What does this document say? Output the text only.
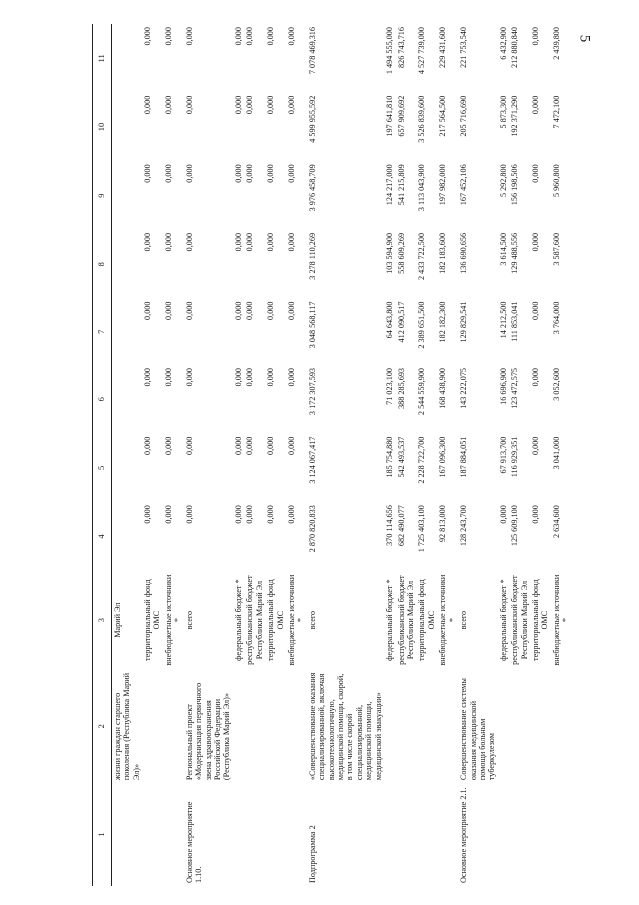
5
1	2	3	4	5	6	7	8	9	10	11
	жизни граждан старшего поколения (Республика Марий Эл)»	Марий Эл								
		территориальный фонд ОМС	0,000	0,000	0,000	0,000	0,000	0,000	0,000	0,000
		внебюджетные источники *	0,000	0,000	0,000	0,000	0,000	0,000	0,000	0,000
Основное мероприятие 1.10.	Региональный проект «Модернизация первичного звена здравоохранения Российской Федерации (Республика Марий Эл)»	всего	0,000	0,000	0,000	0,000	0,000	0,000	0,000	0,000
		федеральный бюджет *	0,000	0,000	0,000	0,000	0,000	0,000	0,000	0,000
		республиканский бюджет Республики Марий Эл	0,000	0,000	0,000	0,000	0,000	0,000	0,000	0,000
		территориальный фонд ОМС	0,000	0,000	0,000	0,000	0,000	0,000	0,000	0,000
		внебюджетные источники *	0,000	0,000	0,000	0,000	0,000	0,000	0,000	0,000
Подпрограмма 2	«Совершенствование оказания специализированной, включая высокотехнологичную, медицинской помощи, скорой, в том числе скорой специализированной, медицинской помощи, медицинской эвакуации»	всего	2 870 820,833	3 124 067,417	3 172 307,593	3 048 568,117	3 278 110,269	3 976 458,709	4 599 955,592	7 078 469,316
		федеральный бюджет *	370 114,656	185 754,880	71 023,100	64 643,800	103 594,900	124 217,000	197 641,810	1 494 555,000
		республиканский бюджет Республики Марий Эл	682 490,077	542 493,537	388 285,693	412 090,517	558 609,269	541 215,809	657 909,692	826 743,716
		территориальный фонд ОМС	1 725 403,100	2 228 722,700	2 544 559,900	2 389 651,500	2 433 722,500	3 113 043,900	3 526 839,600	4 527 739,000
		внебюджетные источники *	92 813,000	167 096,300	168 438,900	182 182,300	182 183,600	197 982,000	217 564,500	229 431,600
Основное мероприятие 2.1.	Совершенствование системы оказания медицинской помощи больным туберкулезом	всего	128 243,700	187 884,051	143 222,075	129 829,541	136 690,656	167 452,106	205 716,690	221 753,540
		федеральный бюджет *	0,000	67 913,700	16 696,900	14 212,500	3 614,500	5 292,800	5 873,300	6 432,900
		республиканский бюджет Республики Марий Эл	125 609,100	116 929,351	123 472,575	111 853,041	129 488,556	156 198,506	192 371,290	212 880,840
		территориальный фонд ОМС	0,000	0,000	0,000	0,000	0,000	0,000	0,000	0,000
		внебюджетные источники *	2 634,600	3 041,000	3 052,600	3 764,000	3 587,600	5 960,800	7 472,100	2 439,800
